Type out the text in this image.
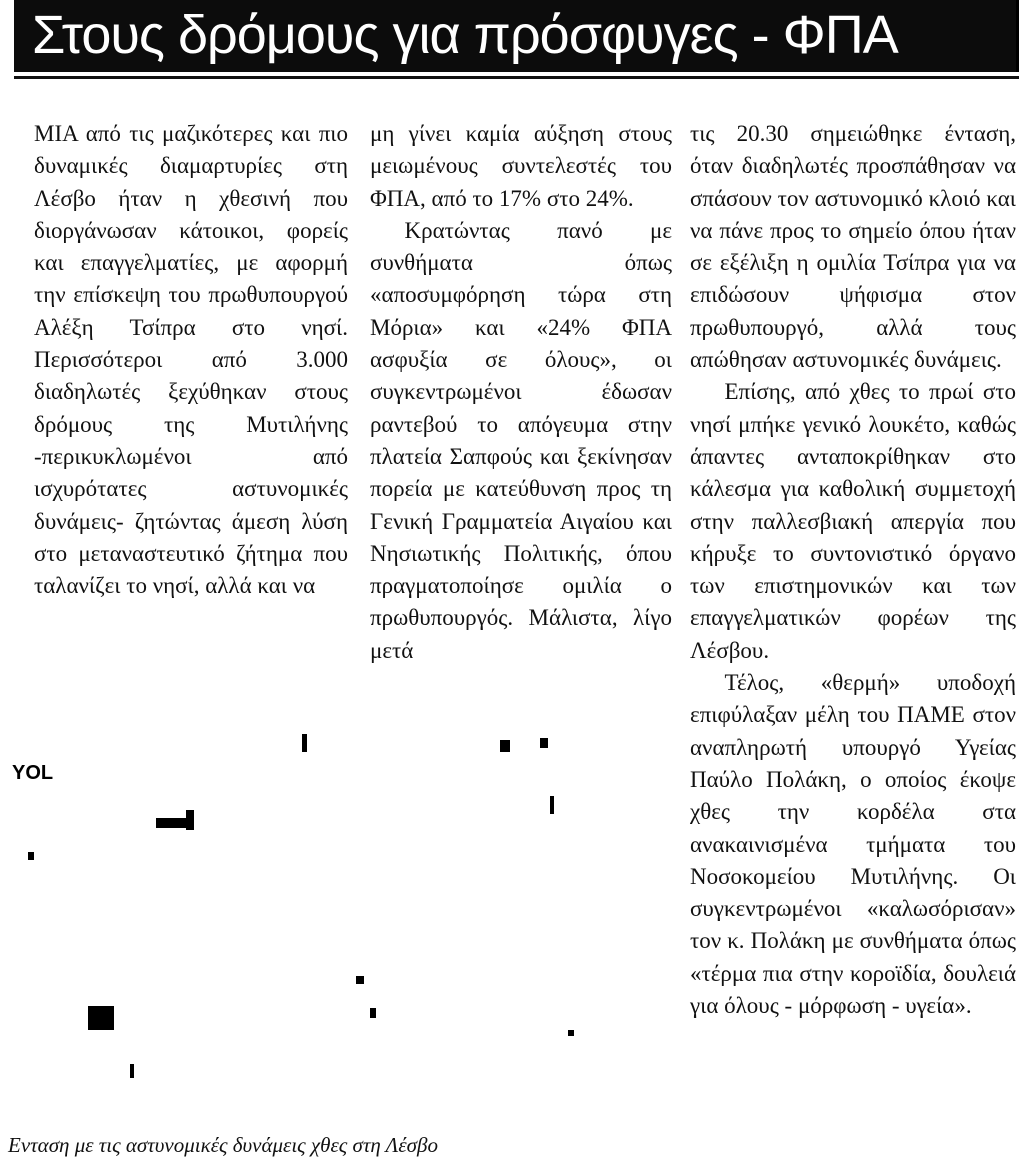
Στους δρόμους για πρόσφυγες - ΦΠΑ

ΜΙΑ από τις μαζικότερες και πιο δυναμικές διαμαρτυρίες στη Λέσβο ήταν η χθεσινή που διοργάνωσαν κάτοικοι, φορείς και επαγγελματίες, με αφορμή την επίσκεψη του πρωθυπουργού Αλέξη Τσίπρα στο νησί. Περισσότεροι από 3.000 διαδηλωτές ξεχύθηκαν στους δρόμους της Μυτιλήνης -περικυκλωμένοι από ισχυρότατες αστυνομικές δυνάμεις- ζητώντας άμεση λύση στο μεταναστευτικό ζήτημα που ταλανίζει το νησί, αλλά και να

μη γίνει καμία αύξηση στους μειωμένους συντελεστές του ΦΠΑ, από το 17% στο 24%.

Κρατώντας πανό με συνθήματα όπως «αποσυμφόρηση τώρα στη Μόρια» και «24% ΦΠΑ ασφυξία σε όλους», οι συγκεντρωμένοι έδωσαν ραντεβού το απόγευμα στην πλατεία Σαπφούς και ξεκίνησαν πορεία με κατεύθυνση προς τη Γενική Γραμματεία Αιγαίου και Νησιωτικής Πολιτικής, όπου πραγματοποίησε ομιλία ο πρωθυπουργός. Μάλιστα, λίγο μετά

τις 20.30 σημειώθηκε ένταση, όταν διαδηλωτές προσπάθησαν να σπάσουν τον αστυνομικό κλοιό και να πάνε προς το σημείο όπου ήταν σε εξέλιξη η ομιλία Τσίπρα για να επιδώσουν ψήφισμα στον πρωθυπουργό, αλλά τους απώθησαν αστυνομικές δυνάμεις.

Επίσης, από χθες το πρωί στο νησί μπήκε γενικό λουκέτο, καθώς άπαντες ανταποκρίθηκαν στο κάλεσμα για καθολική συμμετοχή στην παλλεσβιακή απεργία που κήρυξε το συντονιστικό όργανο των επιστημονικών και των επαγγελματικών φορέων της Λέσβου.

Τέλος, «θερμή» υποδοχή επιφύλαξαν μέλη του ΠΑΜΕ στον αναπληρωτή υπουργό Υγείας Παύλο Πολάκη, ο οποίος έκοψε χθες την κορδέλα στα ανακαινισμένα τμήματα του Νοσοκομείου Μυτιλήνης. Οι συγκεντρωμένοι «καλωσόρισαν» τον κ. Πολάκη με συνθήματα όπως «τέρμα πια στην κοροϊδία, δουλειά για όλους - μόρφωση - υγεία».

YOL
Ενταση με τις αστυνομικές δυνάμεις χθες στη Λέσβο
